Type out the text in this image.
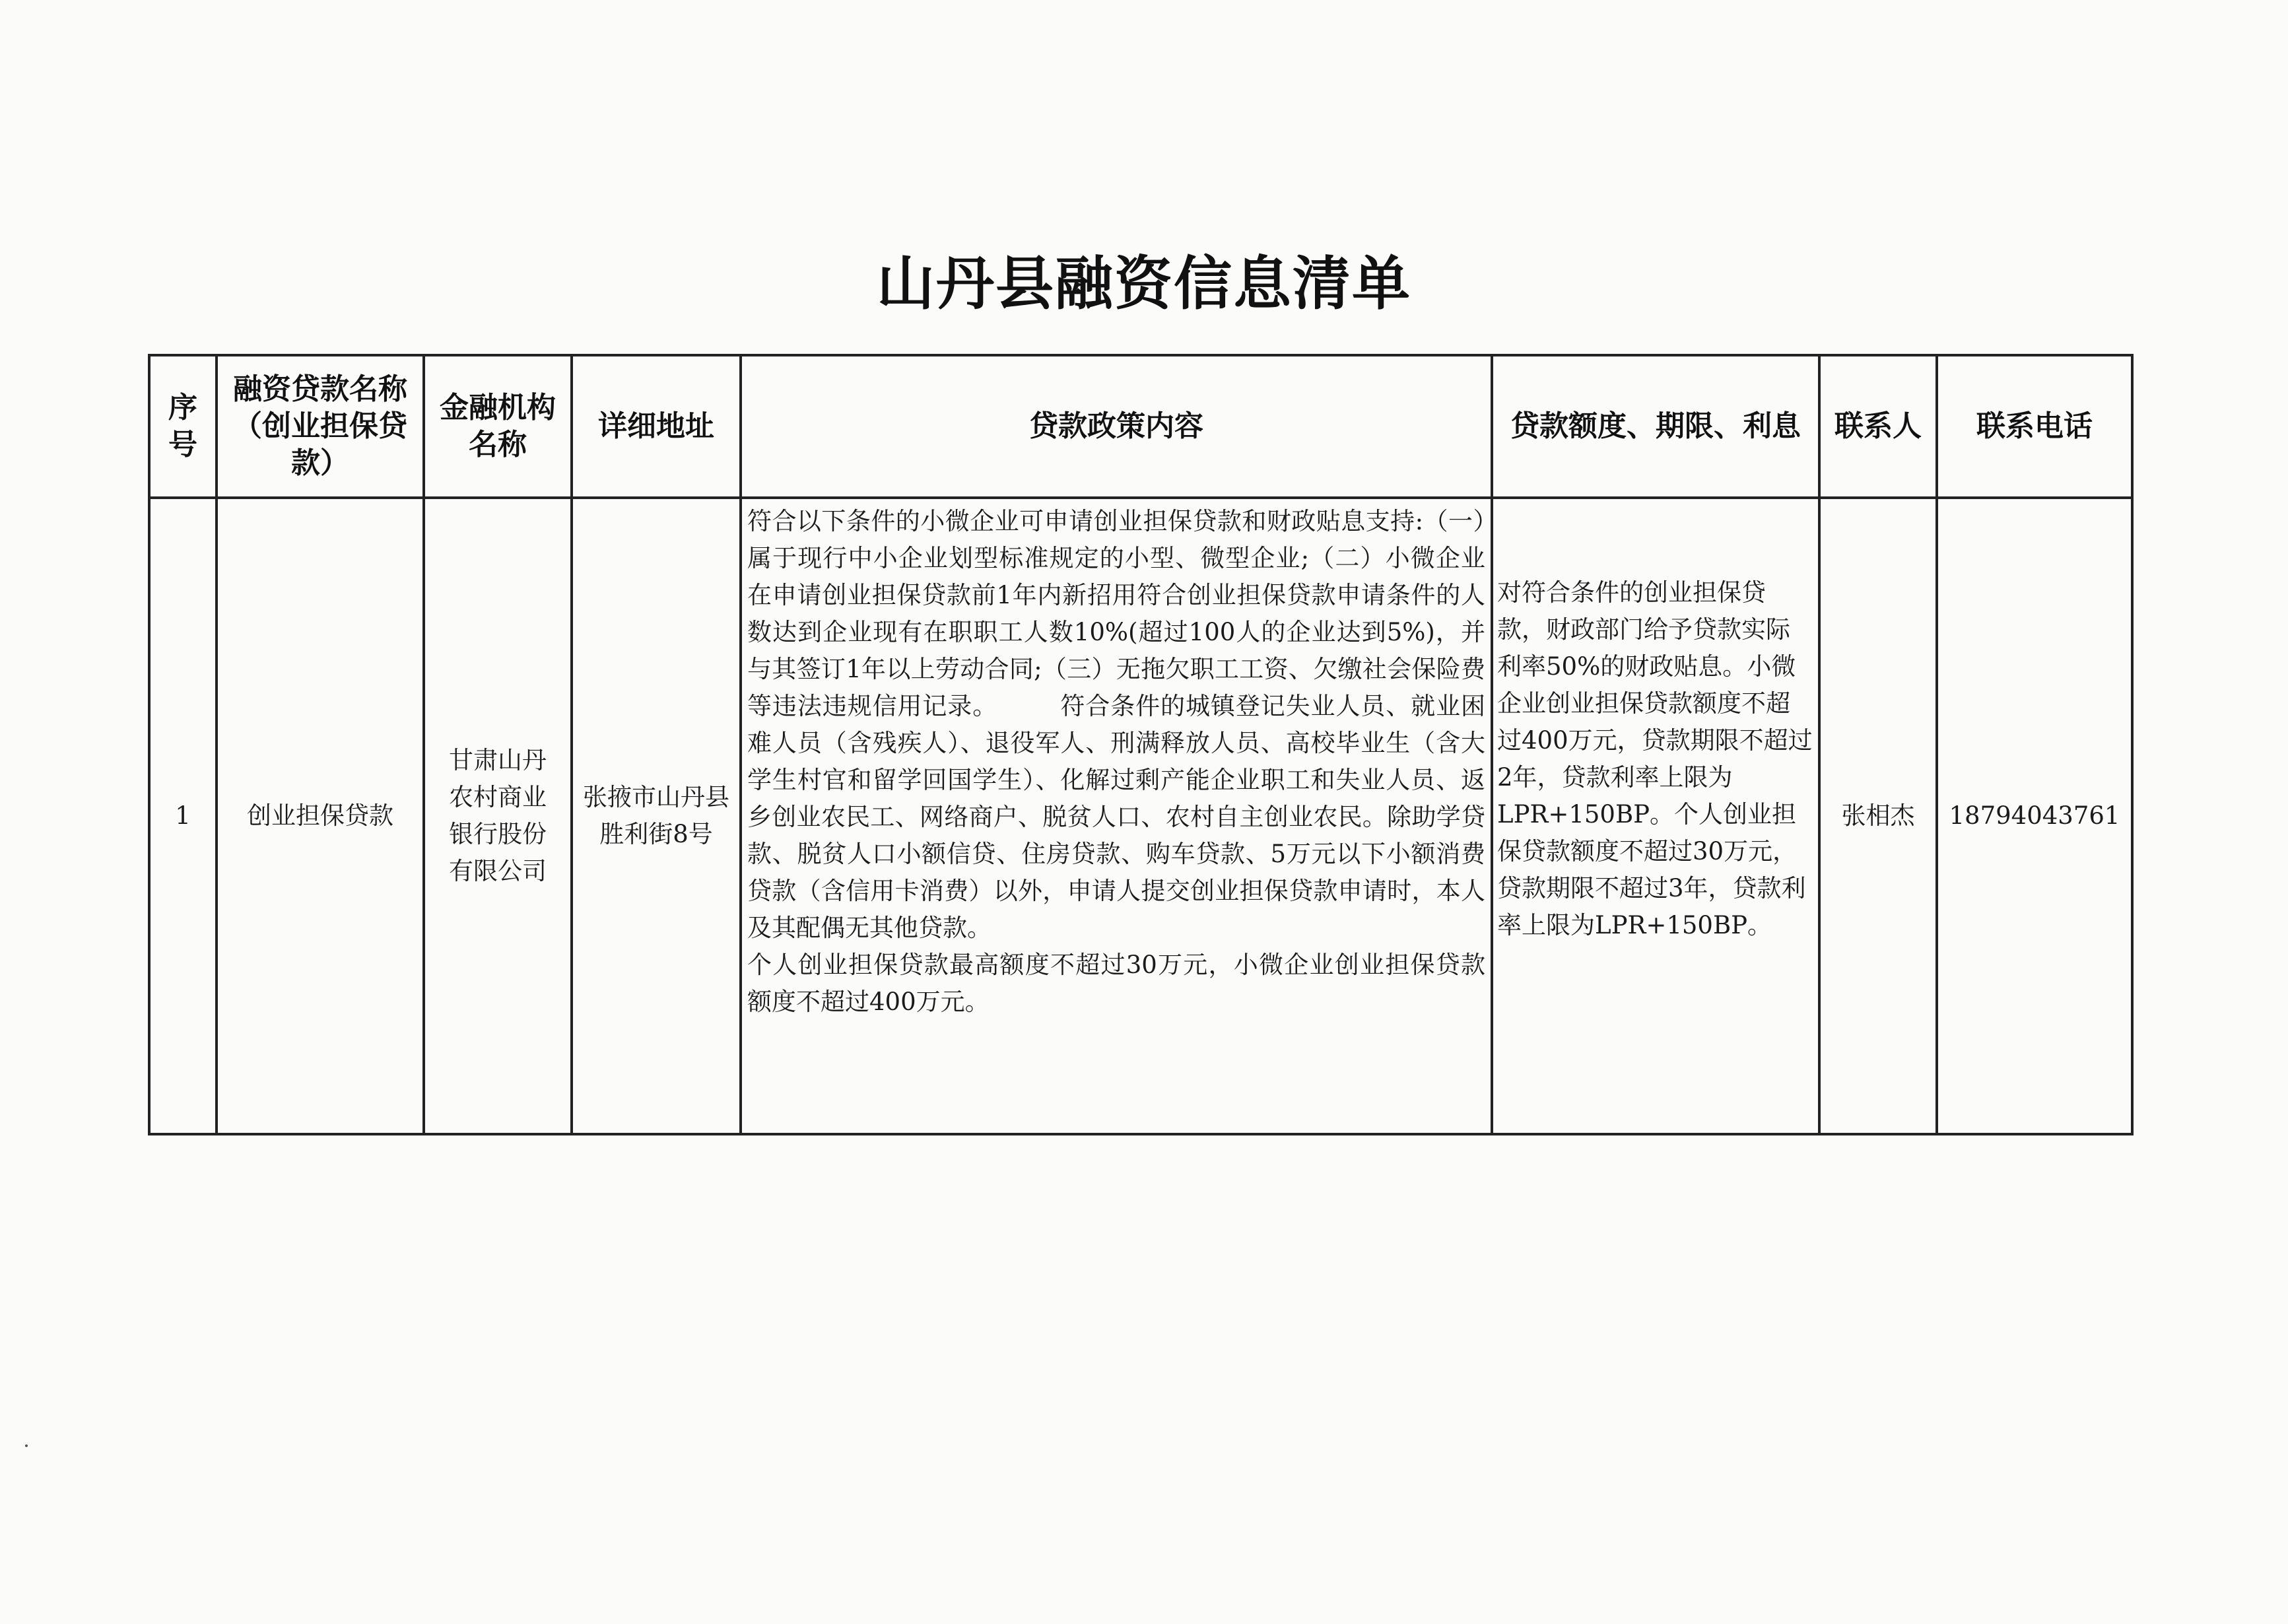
山丹县融资信息清单
序号	融资贷款名称（创业担保贷款）	金融机构名称	详细地址	贷款政策内容	贷款额度、期限、利息	联系人	联系电话

1	创业担保贷款	甘肃山丹农村商业银行股份有限公司	张掖市山丹县胜利街8号	符合以下条件的小微企业可申请创业担保贷款和财政贴息支持:（一）属于现行中小企业划型标准规定的小型、微型企业;（二）小微企业在申请创业担保贷款前1年内新招用符合创业担保贷款申请条件的人数达到企业现有在职职工人数10%(超过100人的企业达到5%)，并与其签订1年以上劳动合同;（三）无拖欠职工工资、欠缴社会保险费等违法违规信用记录。　　　符合条件的城镇登记失业人员、就业困难人员（含残疾人）、退役军人、刑满释放人员、高校毕业生（含大学生村官和留学回国学生）、化解过剩产能企业职工和失业人员、返乡创业农民工、网络商户、脱贫人口、农村自主创业农民。除助学贷款、脱贫人口小额信贷、住房贷款、购车贷款、5万元以下小额消费贷款（含信用卡消费）以外，申请人提交创业担保贷款申请时，本人及其配偶无其他贷款。

个人创业担保贷款最高额度不超过30万元，小微企业创业担保贷款额度不超过400万元。	对符合条件的创业担保贷款，财政部门给予贷款实际利率50%的财政贴息。小微企业创业担保贷款额度不超过400万元，贷款期限不超过2年，贷款利率上限为LPR+150BP。个人创业担保贷款额度不超过30万元，贷款期限不超过3年，贷款利率上限为LPR+150BP。	张相杰	18794043761
